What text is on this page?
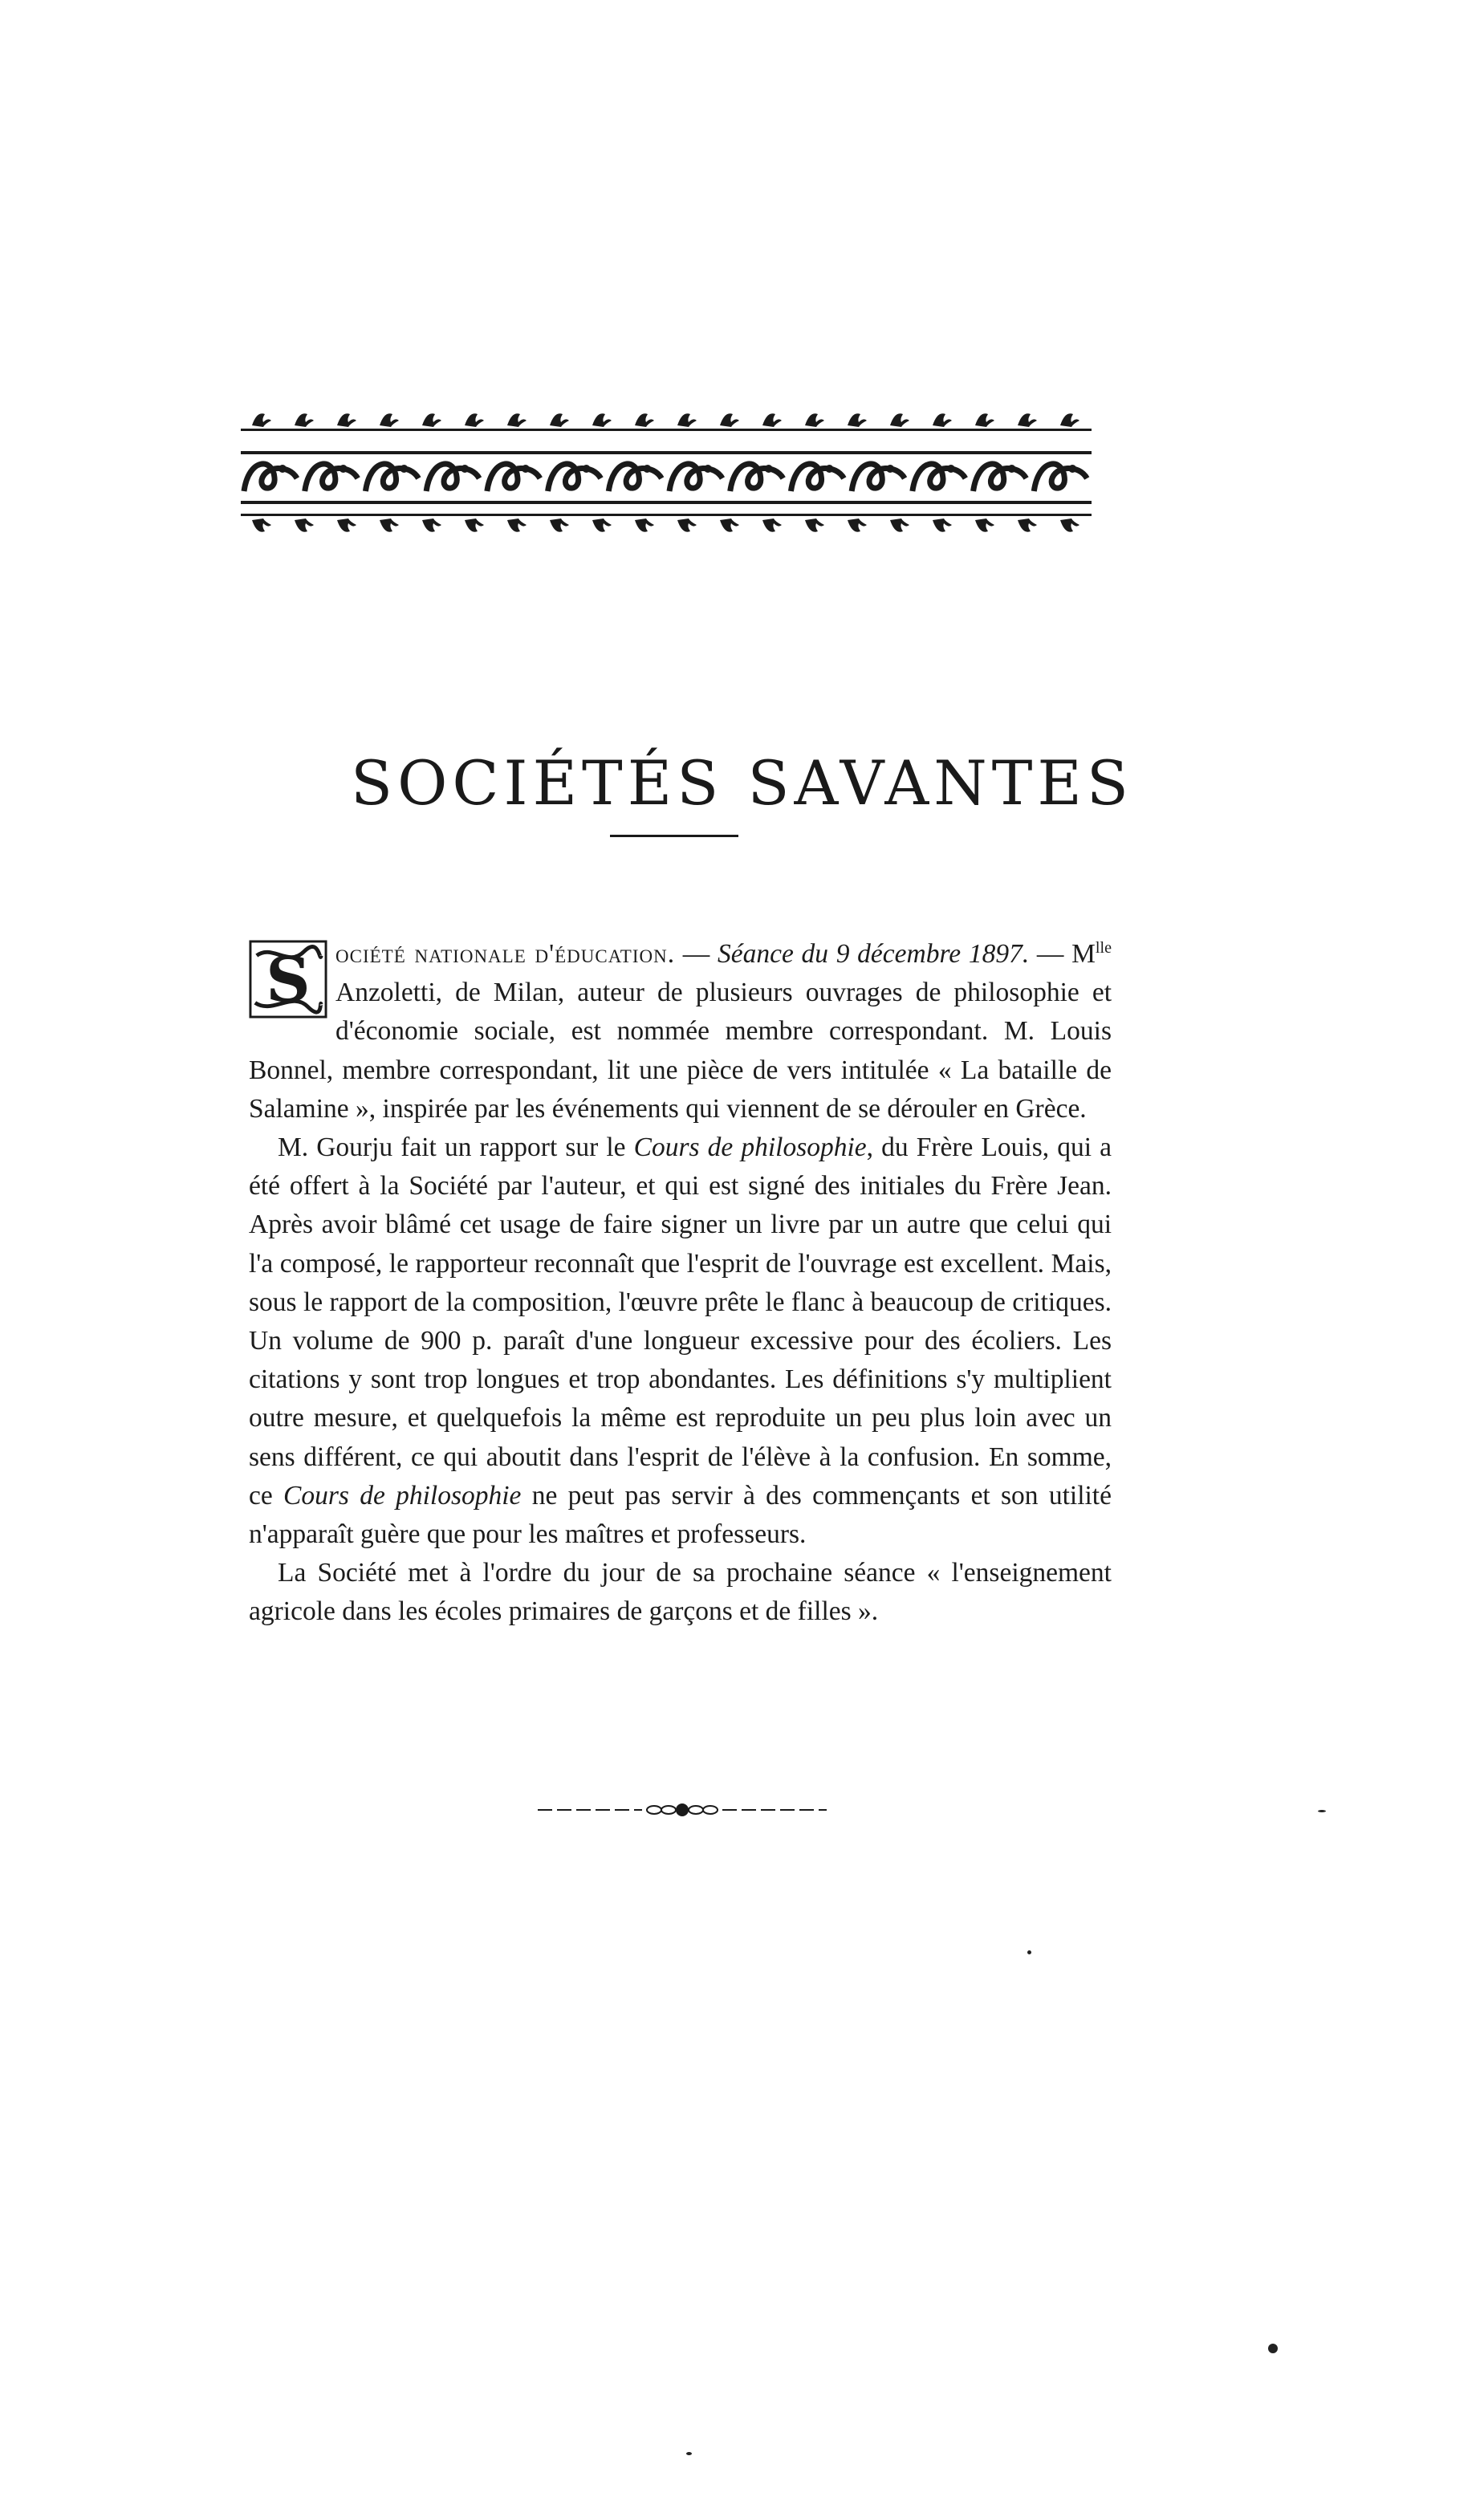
SOCIÉTÉS SAVANTES

S ociété nationale d'éducation. — Séance du 9 décembre 1897. — $M^{lle}$ Anzoletti, de Milan, auteur de plusieurs ouvrages de philosophie et d'économie sociale, est nommée membre correspondant. M. Louis Bonnel, membre correspondant, lit une pièce de vers intitulée « La bataille de Salamine », inspirée par les événements qui viennent de se dérouler en Grèce.

M. Gourju fait un rapport sur le Cours de philosophie, du Frère Louis, qui a été offert à la Société par l'auteur, et qui est signé des initiales du Frère Jean. Après avoir blâmé cet usage de faire signer un livre par un autre que celui qui l'a composé, le rapporteur reconnaît que l'esprit de l'ouvrage est excellent. Mais, sous le rapport de la composition, l'œuvre prête le flanc à beaucoup de critiques. Un volume de 900 p. paraît d'une longueur excessive pour des écoliers. Les citations y sont trop longues et trop abondantes. Les définitions s'y multiplient outre mesure, et quelquefois la même est reproduite un peu plus loin avec un sens différent, ce qui aboutit dans l'esprit de l'élève à la confusion. En somme, ce Cours de philosophie ne peut pas servir à des commençants et son utilité n'apparaît guère que pour les maîtres et professeurs.

La Société met à l'ordre du jour de sa prochaine séance « l'enseignement agricole dans les écoles primaires de garçons et de filles ».
